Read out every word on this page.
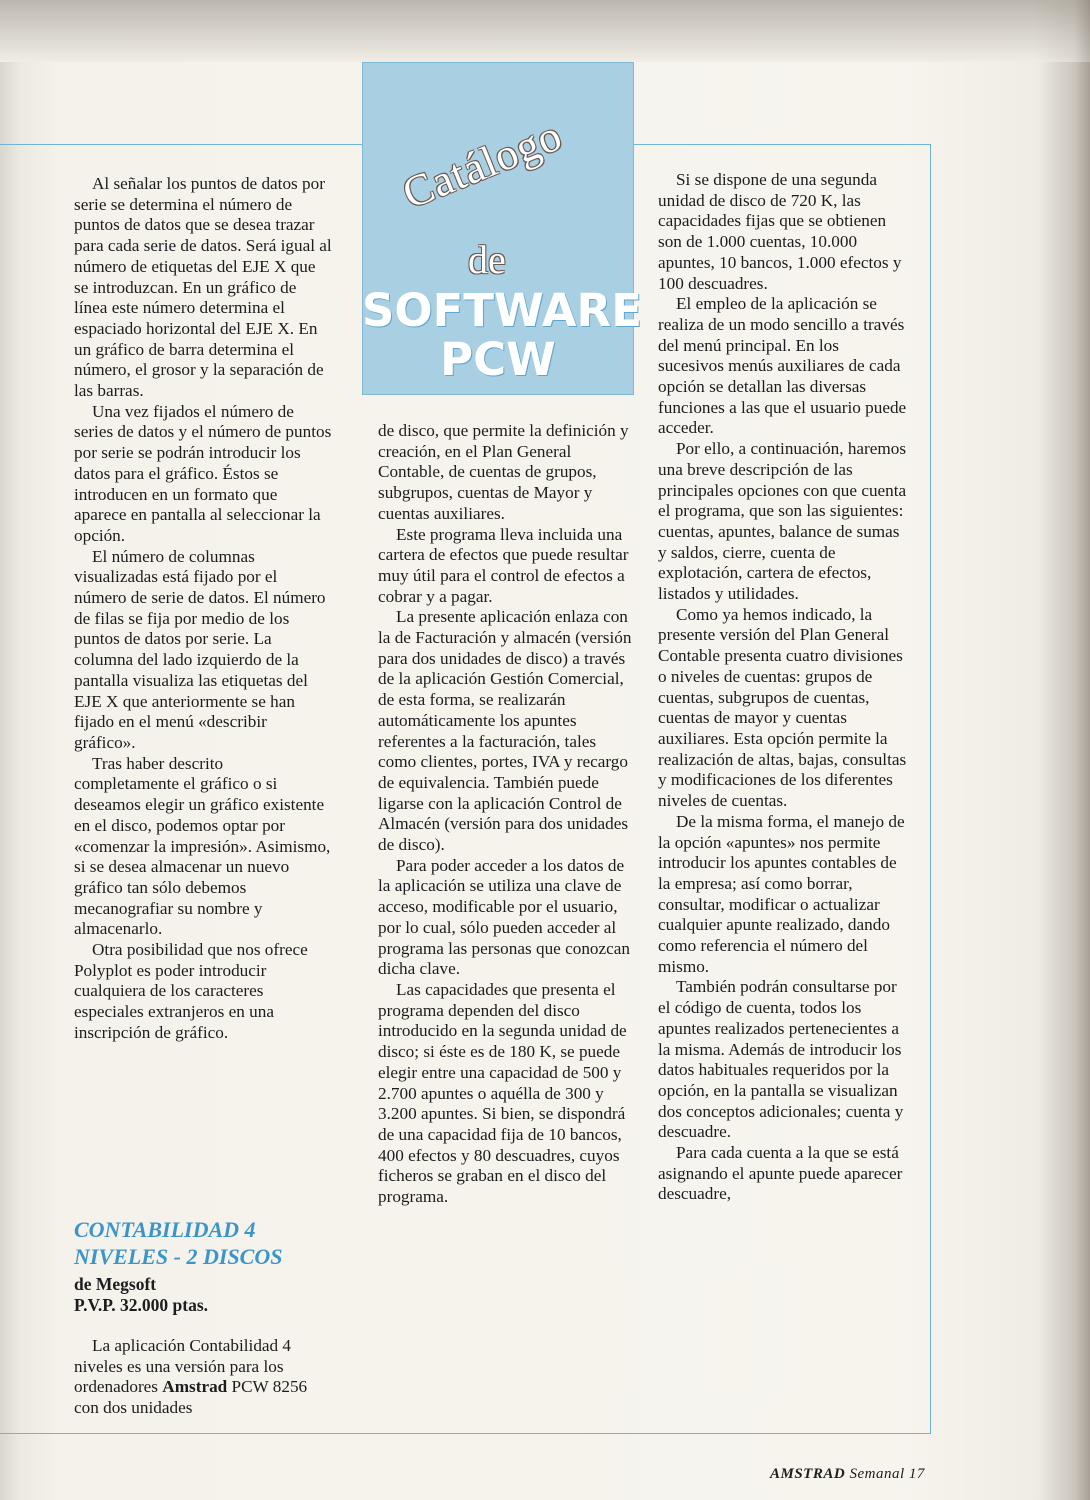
Catálogo
de
SOFTWARE
PCW

Al señalar los puntos de datos por serie se determina el número de puntos de datos que se desea trazar para cada serie de datos. Será igual al número de etiquetas del EJE X que se introduzcan. En un gráfico de línea este número determina el espaciado horizontal del EJE X. En un gráfico de barra determina el número, el grosor y la separación de las barras.

Una vez fijados el número de series de datos y el número de puntos por serie se podrán introducir los datos para el gráfico. Éstos se introducen en un formato que aparece en pantalla al seleccionar la opción.

El número de columnas visualizadas está fijado por el número de serie de datos. El número de filas se fija por medio de los puntos de datos por serie. La columna del lado izquierdo de la pantalla visualiza las etiquetas del EJE X que anteriormente se han fijado en el menú «describir gráfico».

Tras haber descrito completamente el gráfico o si deseamos elegir un gráfico existente en el disco, podemos optar por «comenzar la impresión». Asimismo, si se desea almacenar un nuevo gráfico tan sólo debemos mecanografiar su nombre y almacenarlo.

Otra posibilidad que nos ofrece Polyplot es poder introducir cualquiera de los caracteres especiales extranjeros en una inscripción de gráfico.

CONTABILIDAD 4
NIVELES - 2 DISCOS
de Megsoft
P.V.P. 32.000 ptas.

La aplicación Contabilidad 4 niveles es una versión para los ordenadores Amstrad PCW 8256 con dos unidades

de disco, que permite la definición y creación, en el Plan General Contable, de cuentas de grupos, subgrupos, cuentas de Mayor y cuentas auxiliares.

Este programa lleva incluida una cartera de efectos que puede resultar muy útil para el control de efectos a cobrar y a pagar.

La presente aplicación enlaza con la de Facturación y almacén (versión para dos unidades de disco) a través de la aplicación Gestión Comercial, de esta forma, se realizarán automáticamente los apuntes referentes a la facturación, tales como clientes, portes, IVA y recargo de equivalencia. También puede ligarse con la aplicación Control de Almacén (versión para dos unidades de disco).

Para poder acceder a los datos de la aplicación se utiliza una clave de acceso, modificable por el usuario, por lo cual, sólo pueden acceder al programa las personas que conozcan dicha clave.

Las capacidades que presenta el programa dependen del disco introducido en la segunda unidad de disco; si éste es de 180 K, se puede elegir entre una capacidad de 500 y 2.700 apuntes o aquélla de 300 y 3.200 apuntes. Si bien, se dispondrá de una capacidad fija de 10 bancos, 400 efectos y 80 descuadres, cuyos ficheros se graban en el disco del programa.

Si se dispone de una segunda unidad de disco de 720 K, las capacidades fijas que se obtienen son de 1.000 cuentas, 10.000 apuntes, 10 bancos, 1.000 efectos y 100 descuadres.

El empleo de la aplicación se realiza de un modo sencillo a través del menú principal. En los sucesivos menús auxiliares de cada opción se detallan las diversas funciones a las que el usuario puede acceder.

Por ello, a continuación, haremos una breve descripción de las principales opciones con que cuenta el programa, que son las siguientes: cuentas, apuntes, balance de sumas y saldos, cierre, cuenta de explotación, cartera de efectos, listados y utilidades.

Como ya hemos indicado, la presente versión del Plan General Contable presenta cuatro divisiones o niveles de cuentas: grupos de cuentas, subgrupos de cuentas, cuentas de mayor y cuentas auxiliares. Esta opción permite la realización de altas, bajas, consultas y modificaciones de los diferentes niveles de cuentas.

De la misma forma, el manejo de la opción «apuntes» nos permite introducir los apuntes contables de la empresa; así como borrar, consultar, modificar o actualizar cualquier apunte realizado, dando como referencia el número del mismo.

También podrán consultarse por el código de cuenta, todos los apuntes realizados pertenecientes a la misma. Además de introducir los datos habituales requeridos por la opción, en la pantalla se visualizan dos conceptos adicionales; cuenta y descuadre.

Para cada cuenta a la que se está asignando el apunte puede aparecer descuadre,

AMSTRAD Semanal 17
